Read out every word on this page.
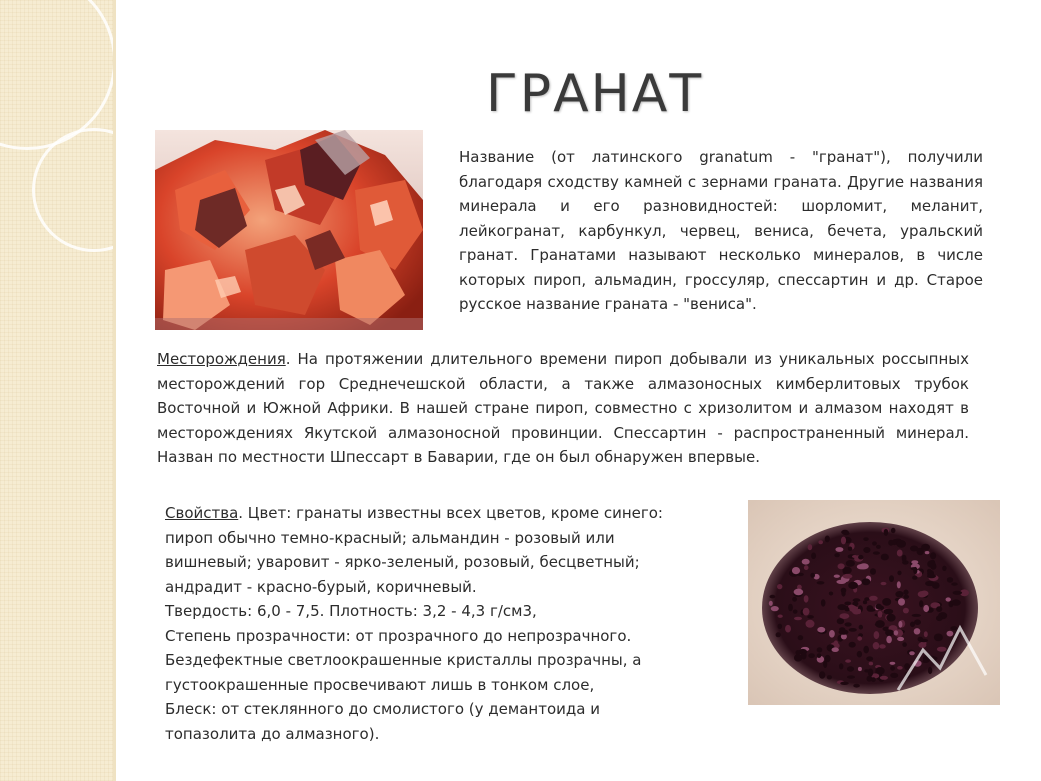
ГРАНАТ

Название (от латинского granatum - "гранат"), получили благодаря сходству камней с зернами граната. Другие названия минерала и его разновидностей: шорломит, меланит, лейкогранат, карбункул, червец, вениса, бечета, уральский гранат. Гранатами называют несколько минералов, в числе которых пироп, альмадин, гроссуляр, спессартин и др. Старое русское название граната - "вениса".

Месторождения. На протяжении длительного времени пироп добывали из уникальных россыпных месторождений гор Среднечешской области, а также алмазоносных кимберлитовых трубок Восточной и Южной Африки. В нашей стране пироп, совместно с хризолитом и алмазом находят в месторожденияx Якутской алмазоносной провинции. Спессартин - распространенный минерал. Назван по местности Шпессарт в Баварии, где он был обнаружен впервые.

Свойства. Цвет: гранаты известны всех цветов, кроме синего:
пироп обычно темно-красный; альмандин - розовый или
вишневый; уваровит - ярко-зеленый, розовый, бесцветный;
андрадит - красно-бурый, коричневый.
Твердость: 6,0 - 7,5. Плотность: 3,2 - 4,3 г/см3,
Степень прозрачности: от прозрачного до непрозрачного.
Бездефектные светлоокрашенные кристаллы прозрачны, а
густоокрашенные просвечивают лишь в тонком слое,
Блеск: от стеклянного до смолистого (у демантоида и
топазолита до алмазного).
